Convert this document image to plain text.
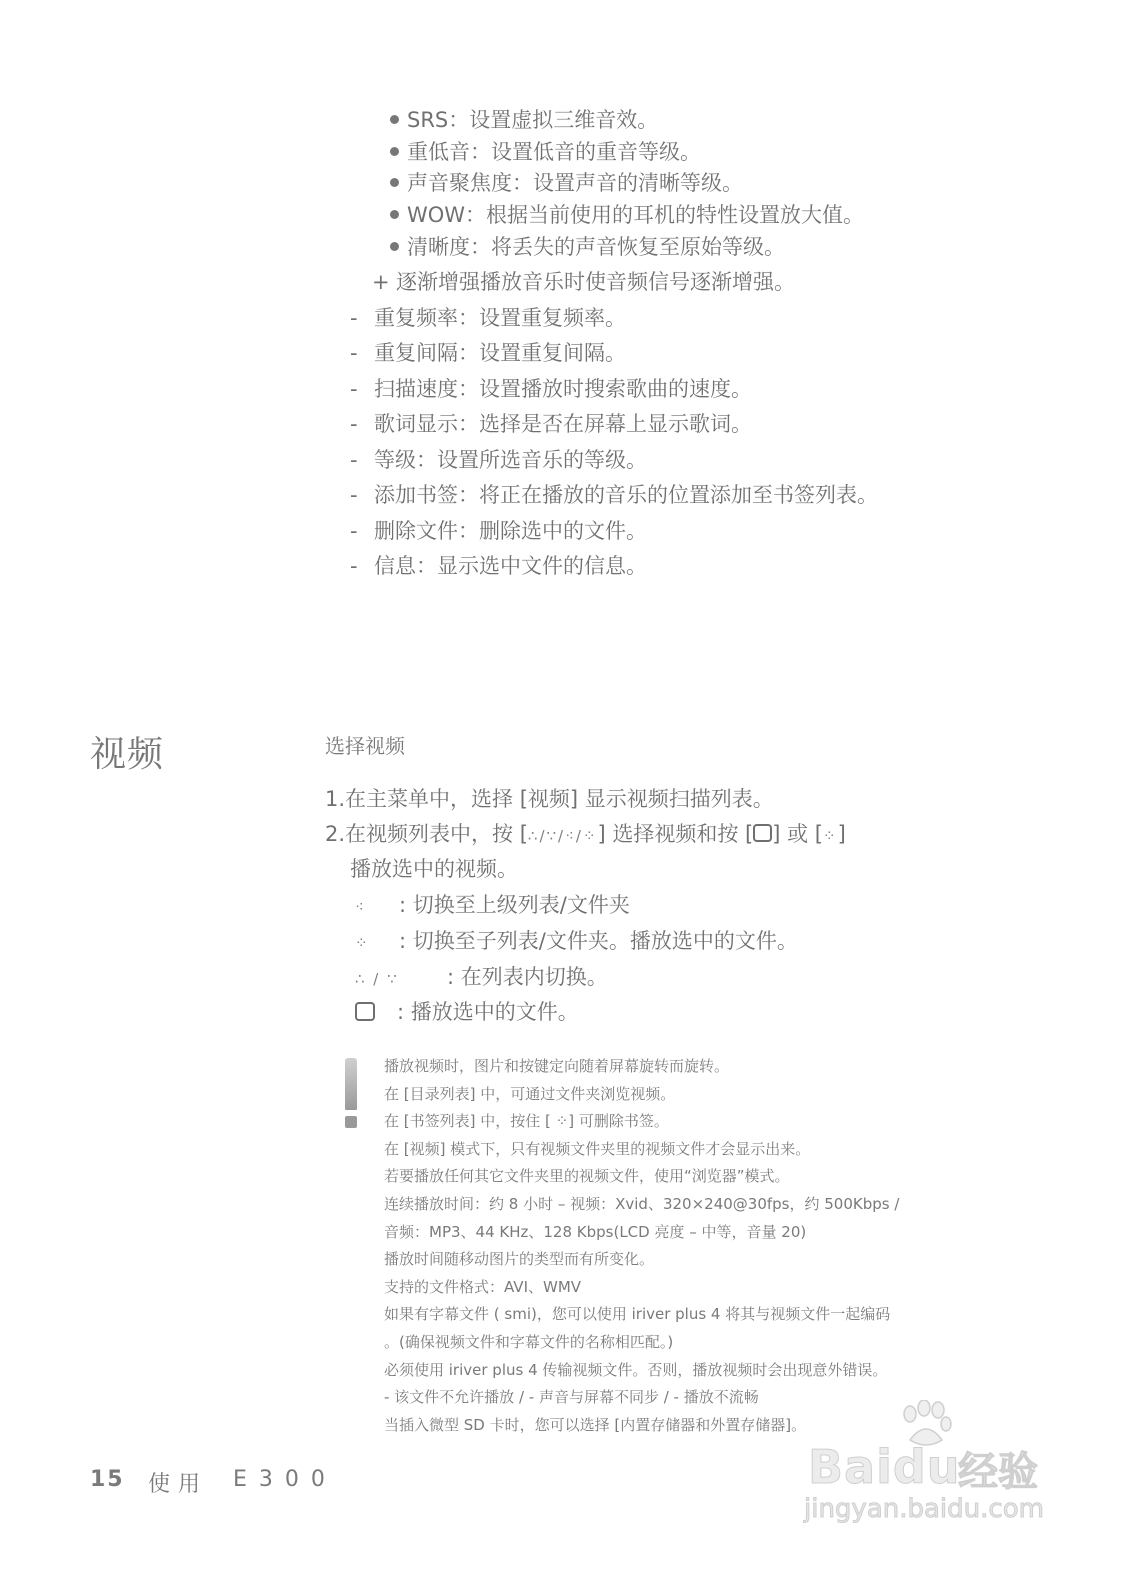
SRS：设置虚拟三维音效。
重低音：设置低音的重音等级。
声音聚焦度：设置声音的清晰等级。
WOW：根据当前使用的耳机的特性设置放大值。
清晰度：将丢失的声音恢复至原始等级。
+ 逐渐增强播放音乐时使音频信号逐渐增强。
- 重复频率：设置重复频率。
- 重复间隔：设置重复间隔。
- 扫描速度：设置播放时搜索歌曲的速度。
- 歌词显示：选择是否在屏幕上显示歌词。
- 等级：设置所选音乐的等级。
- 添加书签：将正在播放的音乐的位置添加至书签列表。
- 删除文件：删除选中的文件。
- 信息：显示选中文件的信息。
视频	选择视频
1.在主菜单中，选择 [视频] 显示视频扫描列表。
2.在视频列表中，按 [∴/∵/⁖/⁘] 选择视频和按 [ ] 或 [⁘]
播放选中的视频。
⁖ : 切换至上级列表/文件夹
⁘ : 切换至子列表/文件夹。播放选中的文件。
∴ / ∵ : 在列表内切换。
: 播放选中的文件。
播放视频时，图片和按键定向随着屏幕旋转而旋转。
在 [目录列表] 中，可通过文件夹浏览视频。
在 [书签列表] 中，按住 [ ⁘] 可删除书签。
在 [视频] 模式下，只有视频文件夹里的视频文件才会显示出来。
若要播放任何其它文件夹里的视频文件，使用“浏览器”模式。
连续播放时间：约 8 小时 – 视频：Xvid、320×240@30fps，约 500Kbps /
音频：MP3、44 KHz、128 Kbps(LCD 亮度 – 中等，音量 20)
播放时间随移动图片的类型而有所变化。
支持的文件格式：AVI、WMV
如果有字幕文件 ( smi)，您可以使用 iriver plus 4 将其与视频文件一起编码
。(确保视频文件和字幕文件的名称相匹配。)
必须使用 iriver plus 4 传输视频文件。否则，播放视频时会出现意外错误。
- 该文件不允许播放 / - 声音与屏幕不同步 / - 播放不流畅
当插入微型 SD 卡时，您可以选择 [内置存储器和外置存储器]。
15 使用 E300	Baidu
经验
jingyan.baidu.com
